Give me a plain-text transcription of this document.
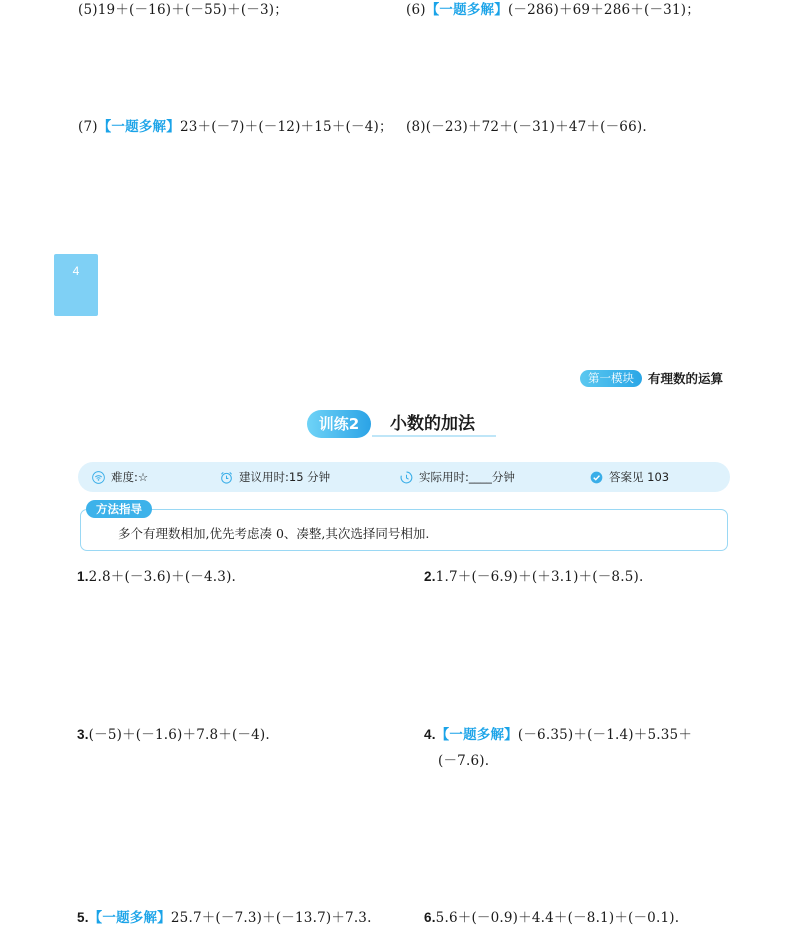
(5)19＋(－16)＋(－55)＋(－3)；	(6)【一题多解】(－286)＋69＋286＋(－31)；
(7)【一题多解】23＋(－7)＋(－12)＋15＋(－4)； (8)(－23)＋72＋(－31)＋47＋(－66).
4
第一模块	有理数的运算
训练2	小数的加法
难度:☆	建议用时:15 分钟	实际用时:____分钟	答案见 103
方法指导
多个有理数相加,优先考虑凑 0、凑整,其次选择同号相加.
1.2.8＋(－3.6)＋(－4.3).	2.1.7＋(－6.9)＋(＋3.1)＋(－8.5).
3.(－5)＋(－1.6)＋7.8＋(－4).	4.【一题多解】(－6.35)＋(－1.4)＋5.35＋
(－7.6).
5.【一题多解】25.7＋(－7.3)＋(－13.7)＋7.3.	6.5.6＋(－0.9)＋4.4＋(－8.1)＋(－0.1).
